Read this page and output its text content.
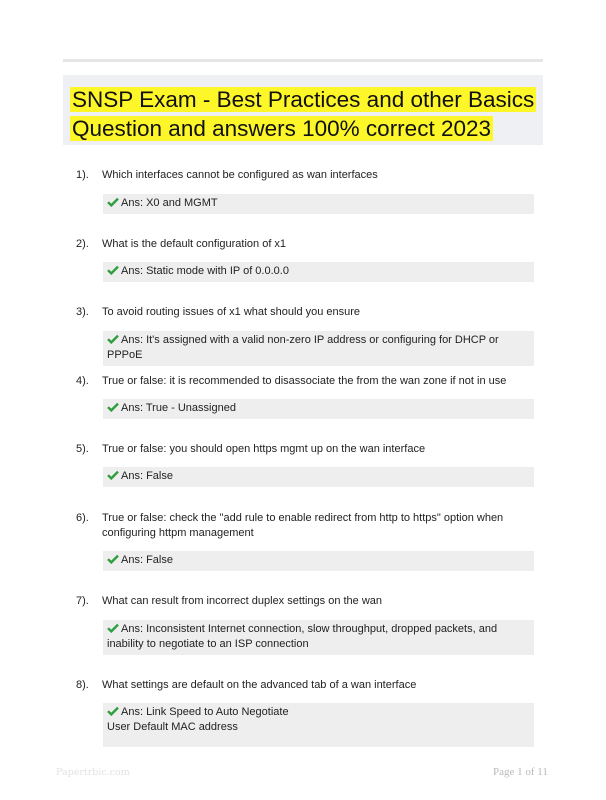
SNSP Exam - Best Practices and other Basics
Question and answers 100% correct 2023
1). Which interfaces cannot be configured as wan interfaces
Ans: X0 and MGMT
2). What is the default configuration of x1
Ans: Static mode with IP of 0.0.0.0
3). To avoid routing issues of x1 what should you ensure
Ans: It's assigned with a valid non-zero IP address or configuring for DHCP or PPPoE
4). True or false: it is recommended to disassociate the from the wan zone if not in use
Ans: True - Unassigned
5). True or false: you should open https mgmt up on the wan interface
Ans: False
6). True or false: check the "add rule to enable redirect from http to https" option when configuring httpm management
Ans: False
7). What can result from incorrect duplex settings on the wan
Ans: Inconsistent Internet connection, slow throughput, dropped packets, and inability to negotiate to an ISP connection
8). What settings are default on the advanced tab of a wan interface
Ans: Link Speed to Auto Negotiate
User Default MAC address
Papertrbic.com	Page 1 of 11
